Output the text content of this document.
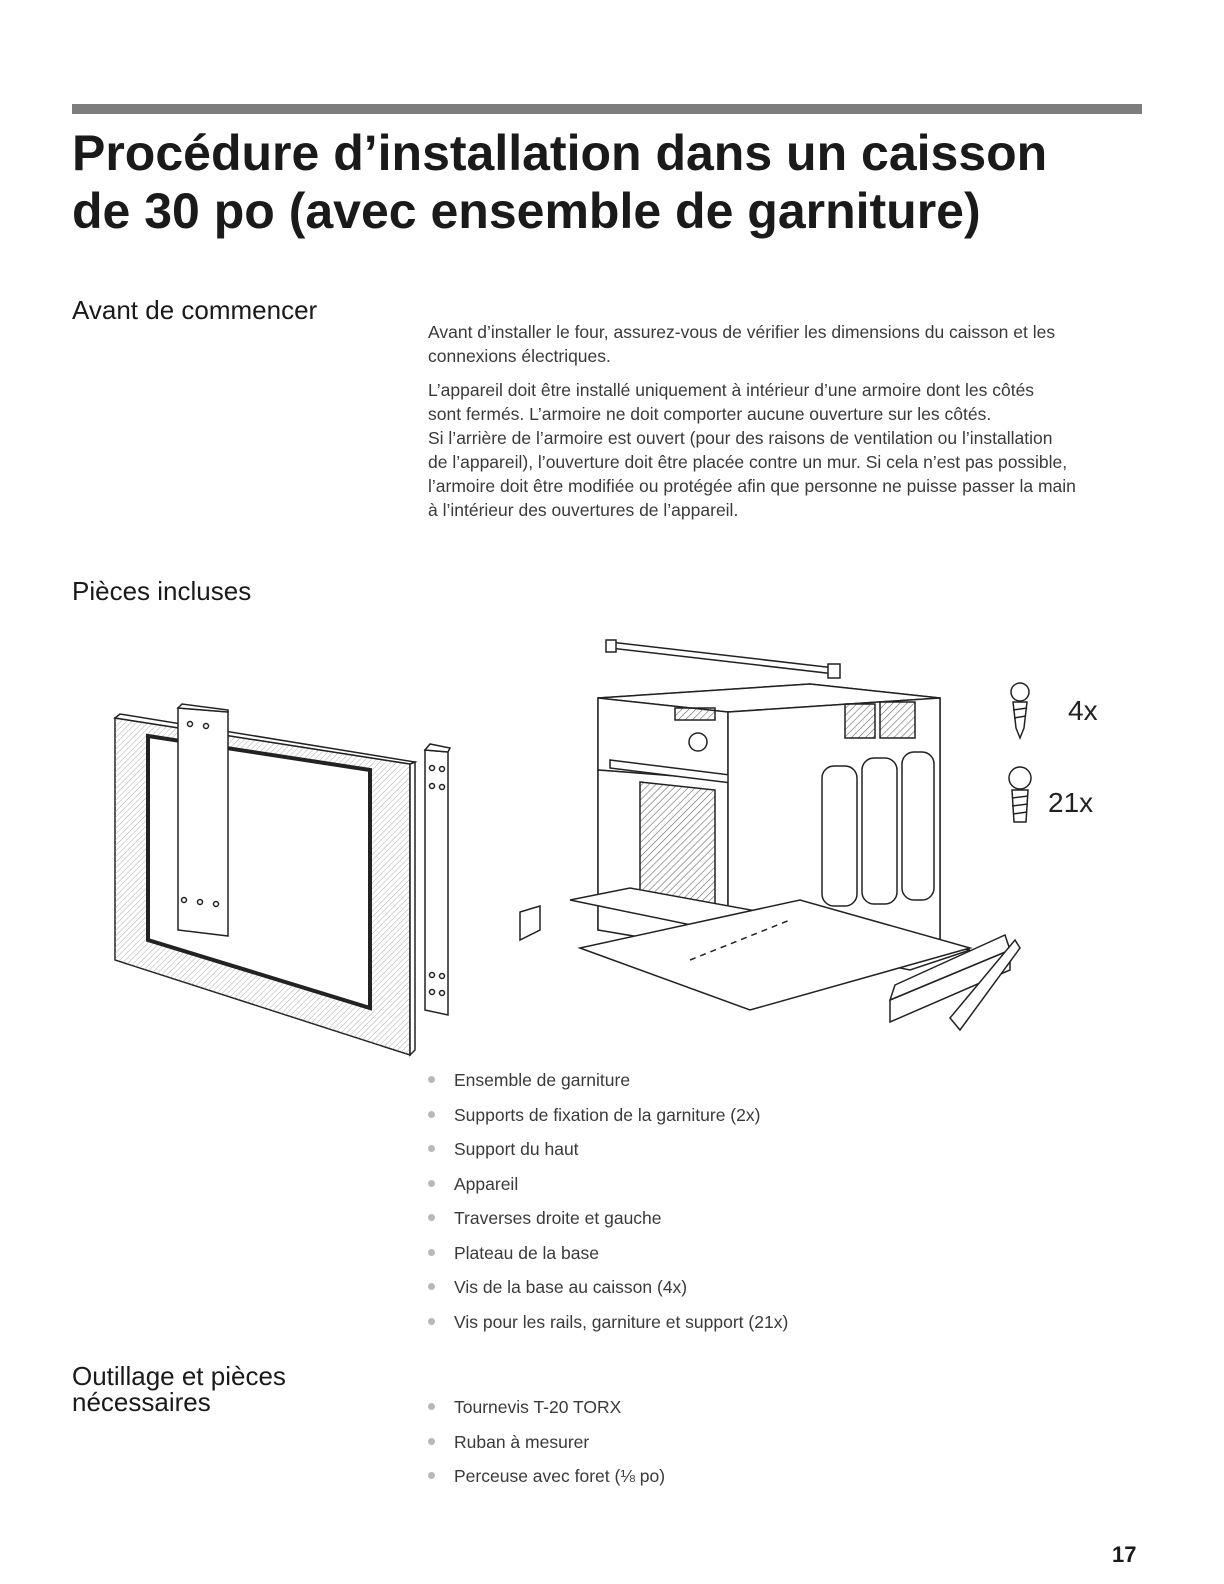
Procédure d’installation dans un caisson
de 30 po (avec ensemble de garniture)
Avant de commencer

Avant d’installer le four, assurez-vous de vérifier les dimensions du caisson et les
connexions électriques.

L’appareil doit être installé uniquement à intérieur d’une armoire dont les côtés
sont fermés. L’armoire ne doit comporter aucune ouverture sur les côtés.
Si l’arrière de l’armoire est ouvert (pour des raisons de ventilation ou l’installation
de l’appareil), l’ouverture doit être placée contre un mur. Si cela n’est pas possible,
l’armoire doit être modifiée ou protégée afin que personne ne puisse passer la main
à l’intérieur des ouvertures de l’appareil.

Pièces incluses
4x
21x
Ensemble de garniture
Supports de fixation de la garniture (2x)
Support du haut
Appareil
Traverses droite et gauche
Plateau de la base
Vis de la base au caisson (4x)
Vis pour les rails, garniture et support (21x)
Outillage et pièces
nécessaires	Tournevis T-20 TORX
Ruban à mesurer
Perceuse avec foret (⅛ po)
17
